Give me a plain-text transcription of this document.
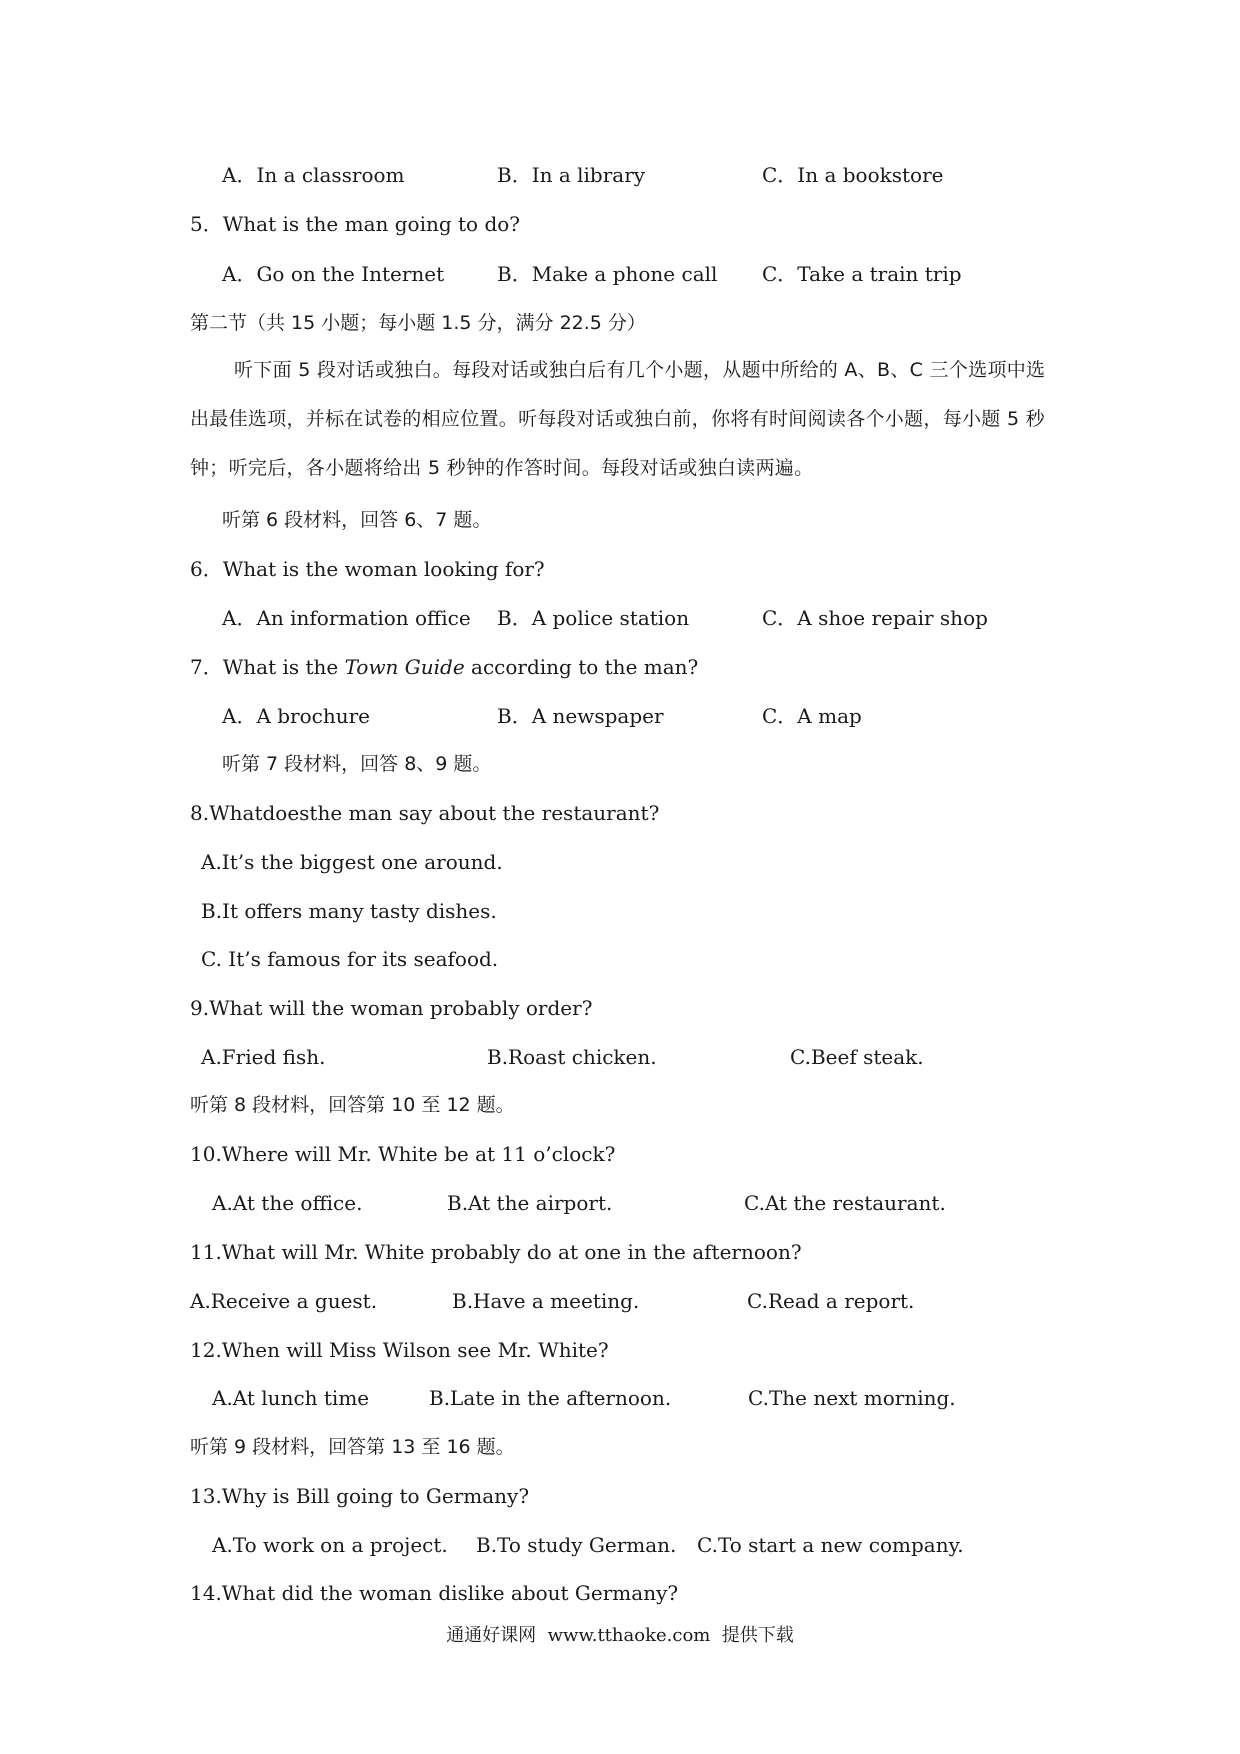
A．In a classroom	B．In a library	C．In a bookstore
5．What is the man going to do?
A．Go on the Internet	B．Make a phone call C．Take a train trip
第二节（共 15 小题；每小题 1.5 分，满分 22.5 分）
听下面 5 段对话或独白。每段对话或独白后有几个小题，从题中所给的 A、B、C 三个选项中选出最佳选项，并标在试卷的相应位置。听每段对话或独白前，你将有时间阅读各个小题，每小题 5 秒钟；听完后，各小题将给出 5 秒钟的作答时间。每段对话或独白读两遍。
听第 6 段材料，回答 6、7 题。
6．What is the woman looking for?
A．An information office B．A police station	C．A shoe repair shop
7．What is the Town Guide according to the man?
A．A brochure	B．A newspaper	C．A map
听第 7 段材料，回答 8、9 题。
8.Whatdoesthe man say about the restaurant?
A.It’s the biggest one around.
B.It offers many tasty dishes.
C. It’s famous for its seafood.
9.What will the woman probably order?
A.Fried fish.	B.Roast chicken.	C.Beef steak.
听第 8 段材料，回答第 10 至 12 题。
10.Where will Mr. White be at 11 o’clock?
A.At the office.	B.At the airport.	C.At the restaurant.
11.What will Mr. White probably do at one in the afternoon?
A.Receive a guest.	B.Have a meeting.	C.Read a report.
12.When will Miss Wilson see Mr. White?
A.At lunch time	B.Late in the afternoon.	C.The next morning.
听第 9 段材料，回答第 13 至 16 题。
13.Why is Bill going to Germany?
A.To work on a project. B.To study German. C.To start a new company.
14.What did the woman dislike about Germany?
通通好课网 www.tthaoke.com 提供下载
